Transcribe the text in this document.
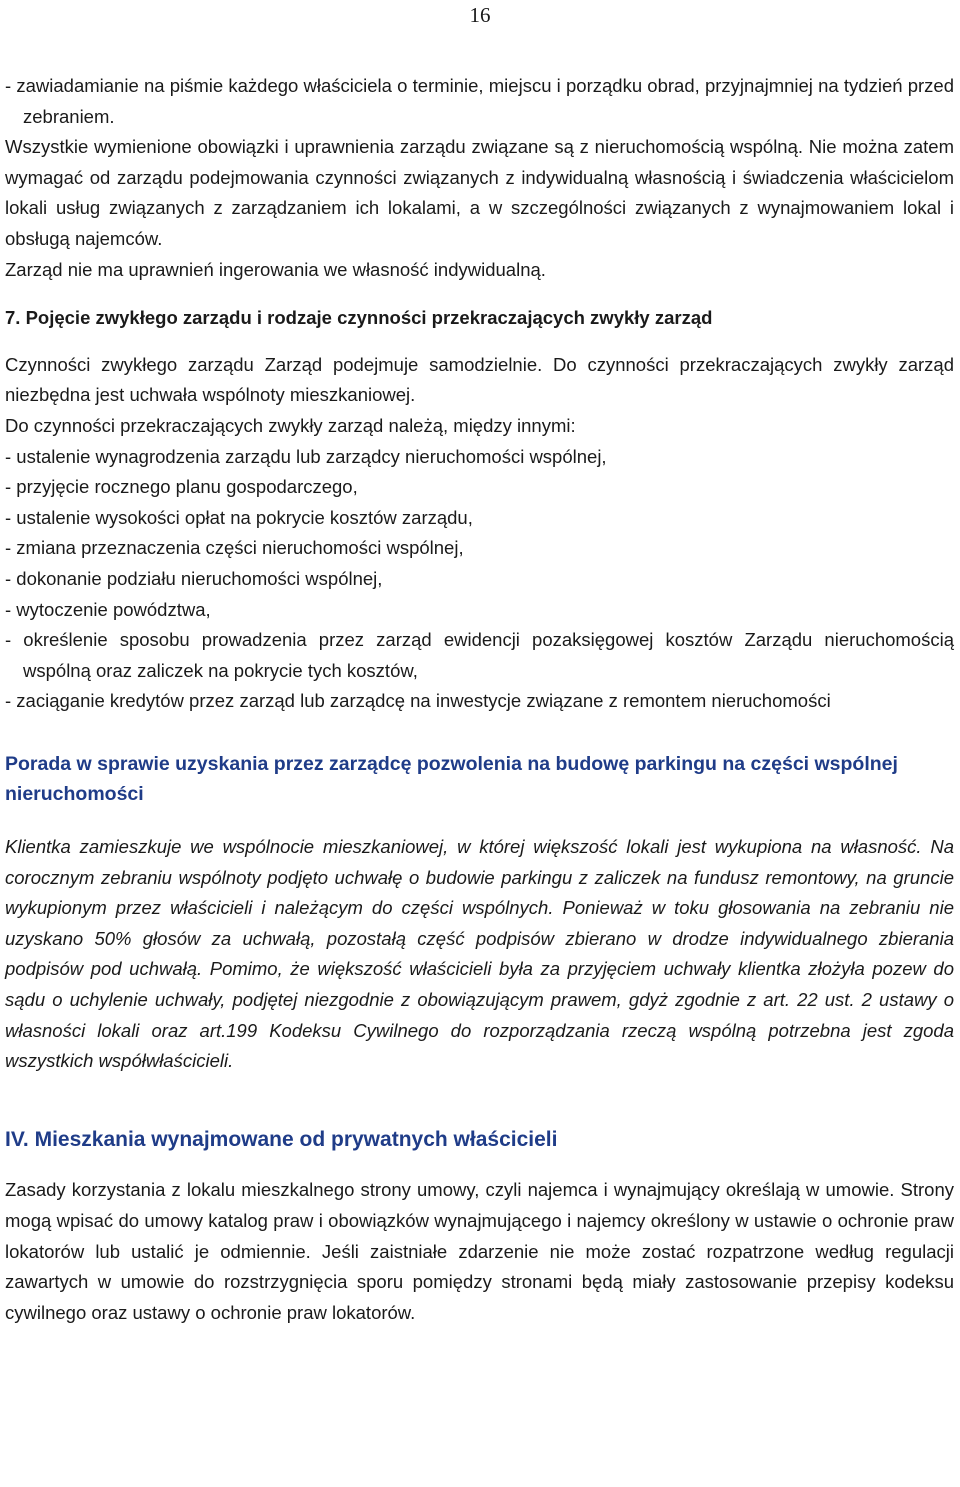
16

- zawiadamianie na piśmie każdego właściciela o terminie, miejscu i porządku obrad, przyjnajmniej na tydzień przed zebraniem.

Wszystkie wymienione obowiązki i uprawnienia zarządu związane są z nieruchomością wspólną. Nie można zatem wymagać od zarządu podejmowania czynności związanych z indywidualną własnością i świadczenia właścicielom lokali usług związanych z zarządzaniem ich lokalami, a w szczególności związanych z wynajmowaniem lokal i obsługą najemców.

Zarząd nie ma uprawnień ingerowania we własność indywidualną.

7. Pojęcie zwykłego zarządu i rodzaje czynności przekraczających zwykły zarząd

Czynności zwykłego zarządu Zarząd podejmuje samodzielnie. Do czynności przekraczających zwykły zarząd niezbędna jest uchwała wspólnoty mieszkaniowej.

Do czynności przekraczających zwykły zarząd należą, między innymi:

- ustalenie wynagrodzenia zarządu lub zarządcy nieruchomości wspólnej,

- przyjęcie rocznego planu gospodarczego,

- ustalenie wysokości opłat na pokrycie kosztów zarządu,

- zmiana przeznaczenia części nieruchomości wspólnej,

- dokonanie podziału nieruchomości wspólnej,

- wytoczenie powództwa,

- określenie sposobu prowadzenia przez zarząd ewidencji pozaksięgowej kosztów Zarządu nieruchomością wspólną oraz zaliczek na pokrycie tych kosztów,

- zaciąganie kredytów przez zarząd lub zarządcę na inwestycje związane z remontem nieruchomości

Porada w sprawie uzyskania przez zarządcę pozwolenia na budowę parkingu na części wspólnej nieruchomości

Klientka zamieszkuje we wspólnocie mieszkaniowej, w której większość lokali jest wykupiona na własność. Na corocznym zebraniu wspólnoty podjęto uchwałę o budowie parkingu z zaliczek na fundusz remontowy, na gruncie wykupionym przez właścicieli i należącym do części wspólnych. Ponieważ w toku głosowania na zebraniu nie uzyskano 50% głosów za uchwałą, pozostałą część podpisów zbierano w drodze indywidualnego zbierania podpisów pod uchwałą. Pomimo, że większość właścicieli była za przyjęciem uchwały klientka złożyła pozew do sądu o uchylenie uchwały, podjętej niezgodnie z obowiązującym prawem, gdyż zgodnie z art. 22 ust. 2 ustawy o własności lokali oraz art.199 Kodeksu Cywilnego do rozporządzania rzeczą wspólną potrzebna jest zgoda wszystkich współwłaścicieli.

IV. Mieszkania wynajmowane od prywatnych właścicieli

Zasady korzystania z lokalu mieszkalnego strony umowy, czyli najemca i wynajmujący określają w umowie. Strony mogą wpisać do umowy katalog praw i obowiązków wynajmującego i najemcy określony w ustawie o ochronie praw lokatorów lub ustalić je odmiennie. Jeśli zaistniałe zdarzenie nie może zostać rozpatrzone według regulacji zawartych w umowie do rozstrzygnięcia sporu pomiędzy stronami będą miały zastosowanie przepisy kodeksu cywilnego oraz ustawy o ochronie praw lokatorów.
